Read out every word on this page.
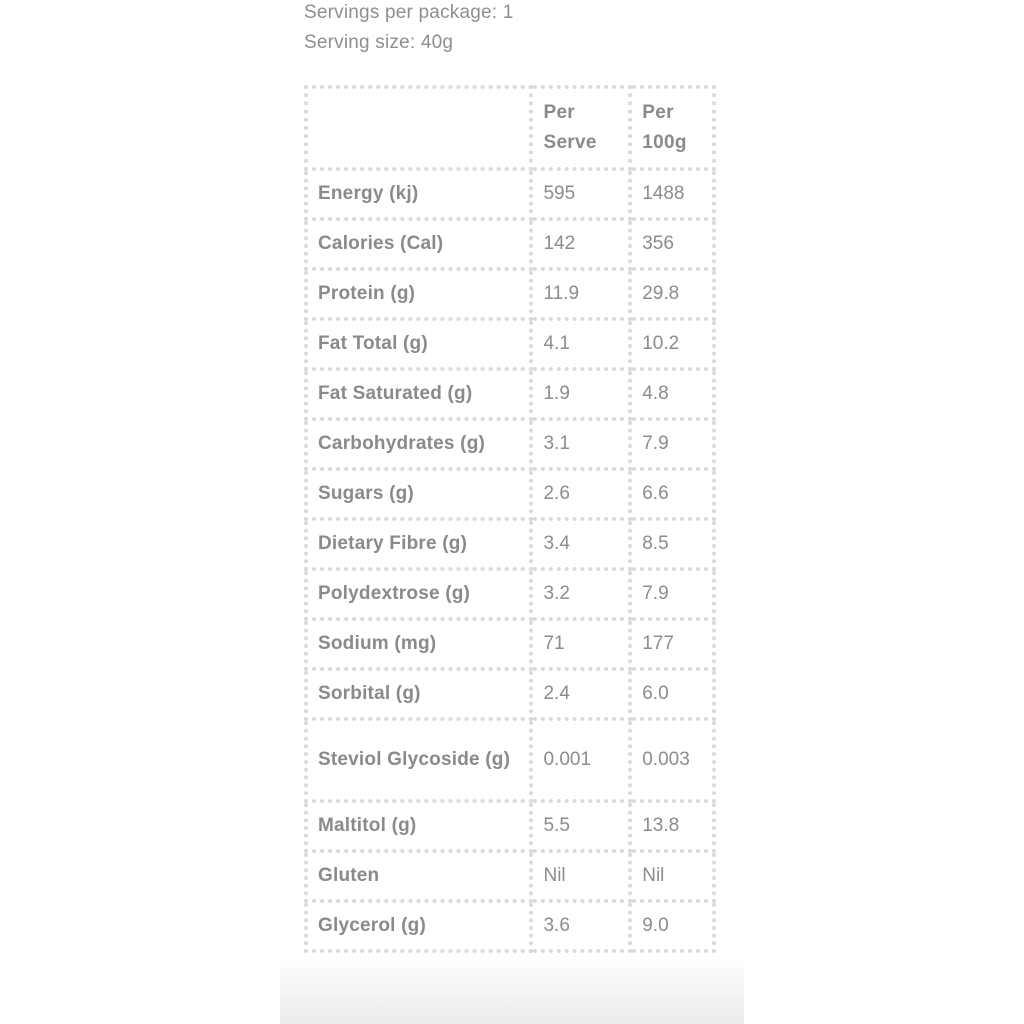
Servings per package: 1
Serving size: 40g
	Per Serve	Per 100g
Energy (kj)	595	1488
Calories (Cal)	142	356
Protein (g)	11.9	29.8
Fat Total (g)	4.1	10.2
Fat Saturated (g)	1.9	4.8
Carbohydrates (g)	3.1	7.9
Sugars (g)	2.6	6.6
Dietary Fibre (g)	3.4	8.5
Polydextrose (g)	3.2	7.9
Sodium (mg)	71	177
Sorbital (g)	2.4	6.0
Steviol Glycoside (g)	0.001	0.003
Maltitol (g)	5.5	13.8
Gluten	Nil	Nil
Glycerol (g)	3.6	9.0
